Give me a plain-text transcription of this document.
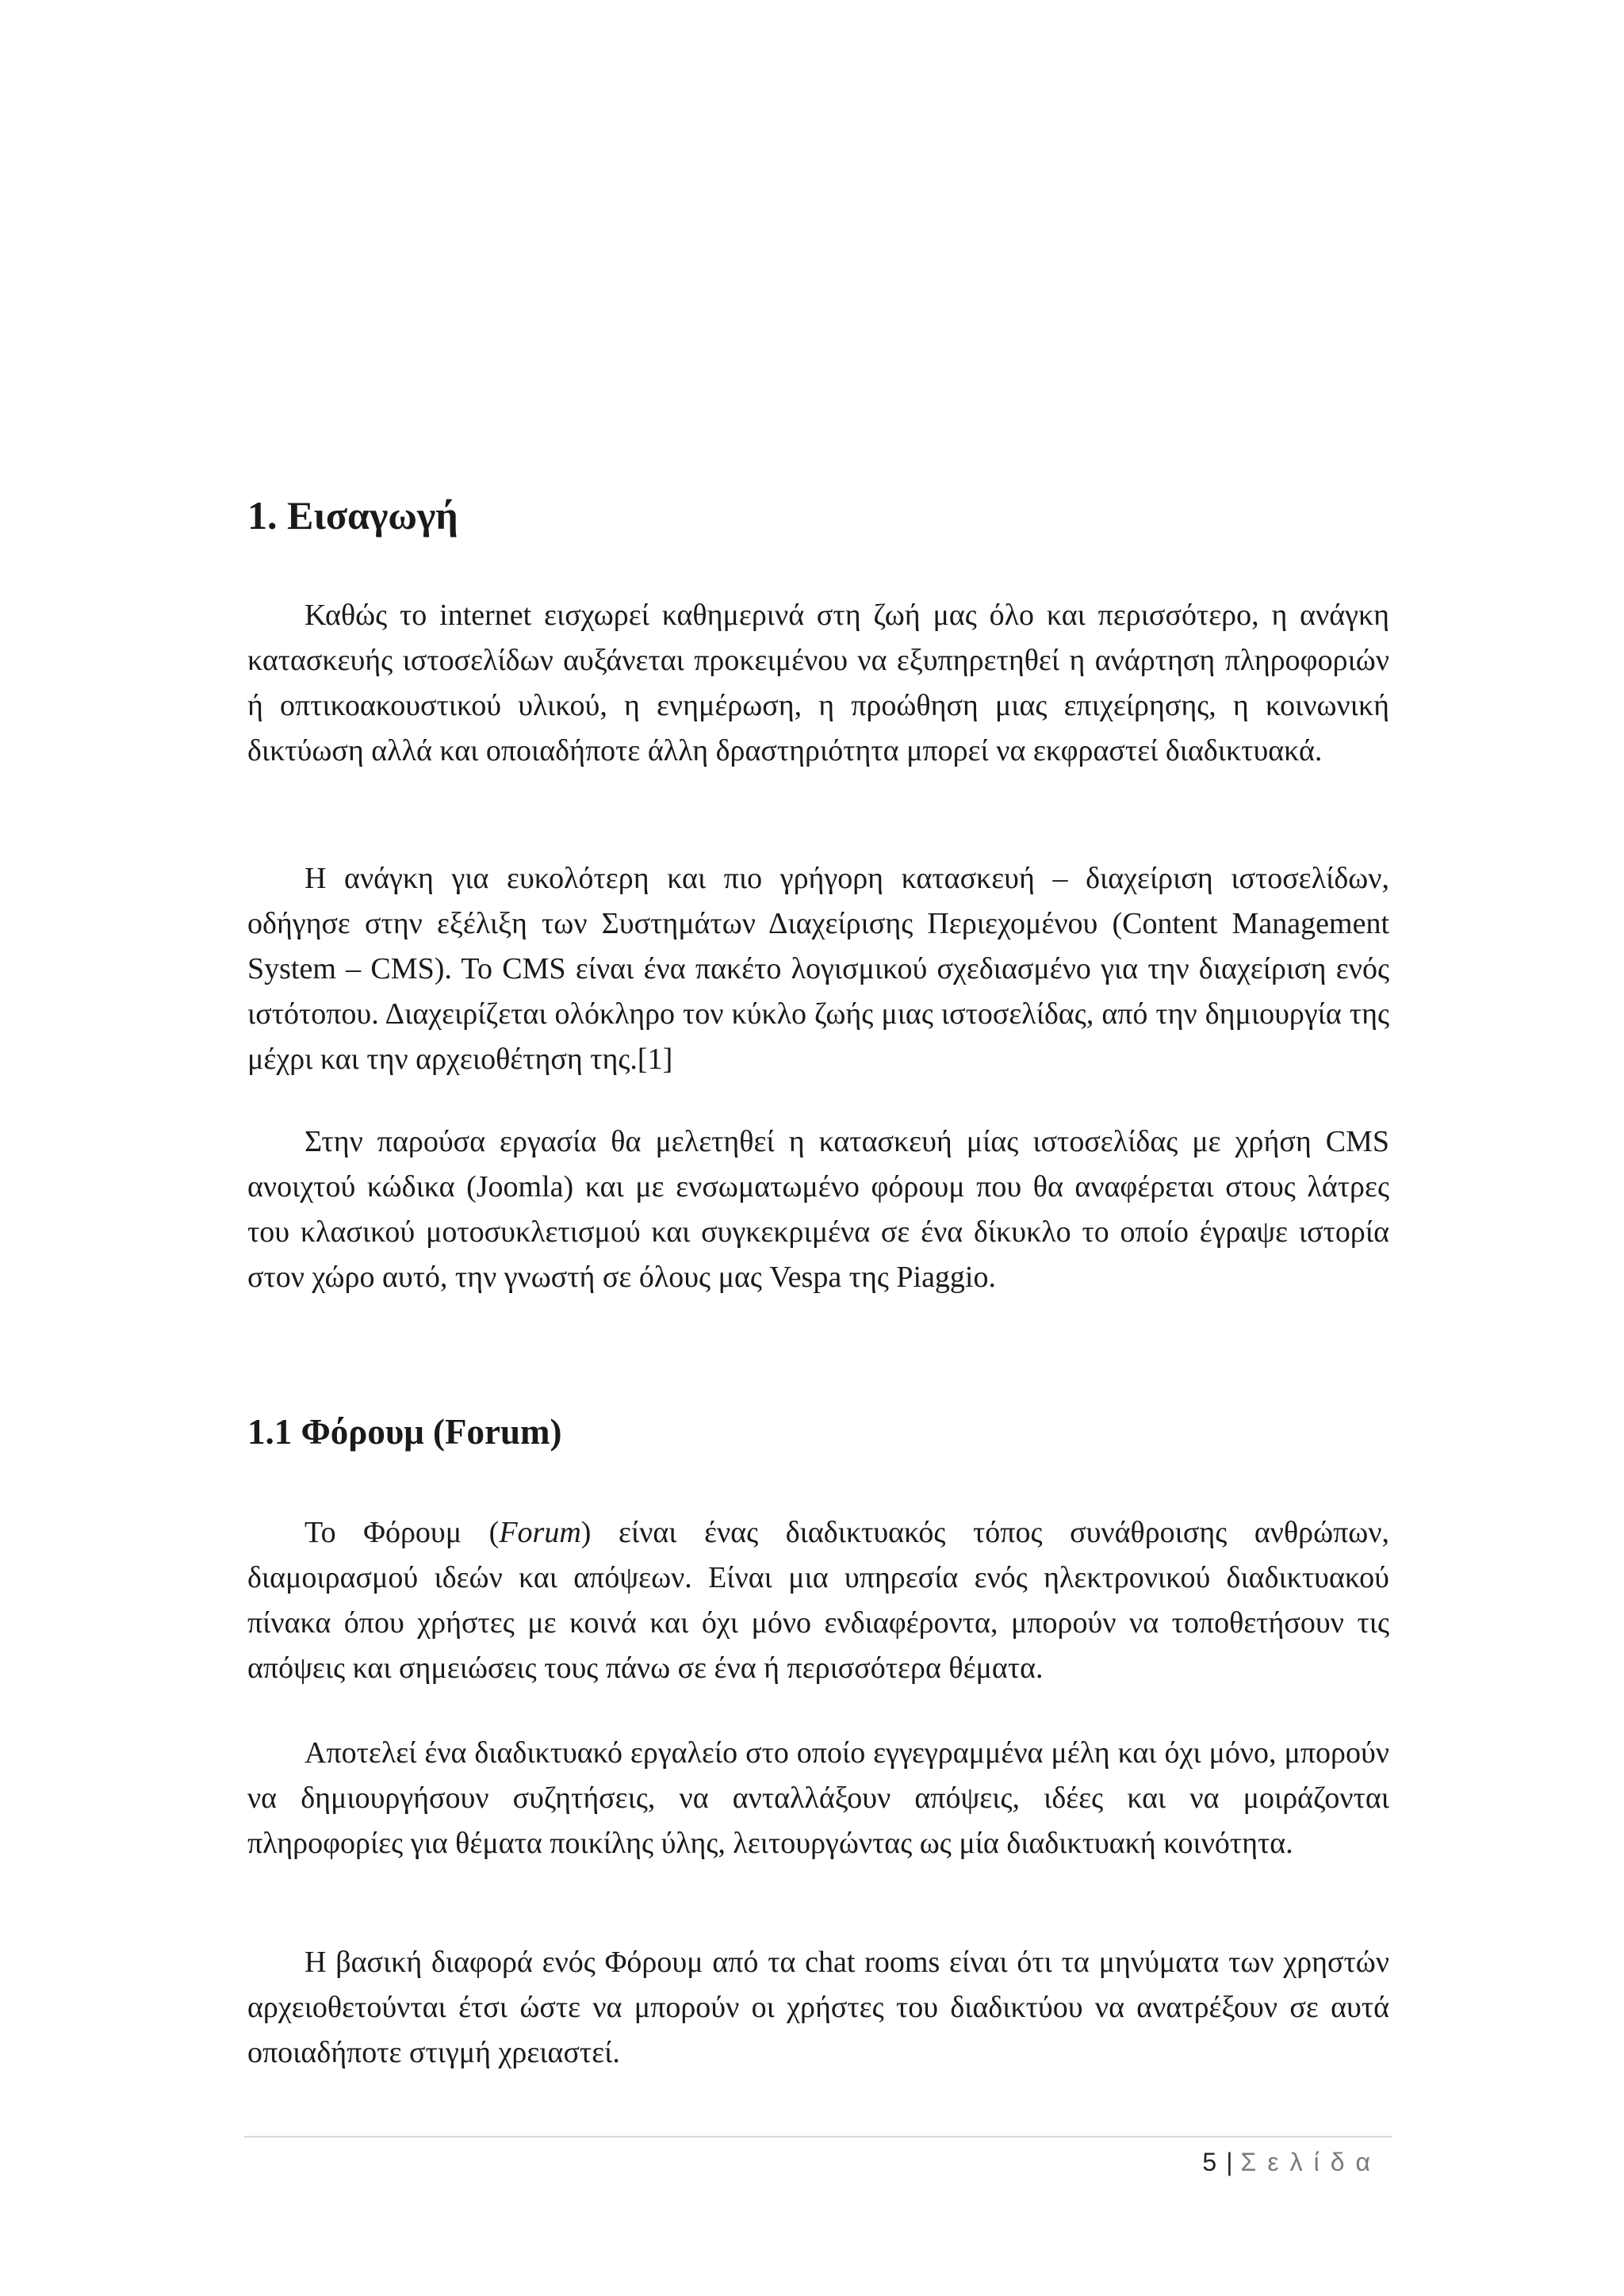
1. Εισαγωγή

Καθώς το internet εισχωρεί καθημερινά στη ζωή μας όλο και περισσότερο, η ανάγκη κατασκευής ιστοσελίδων αυξάνεται προκειμένου να εξυπηρετηθεί η ανάρτηση πληροφοριών ή οπτικοακουστικού υλικού, η ενημέρωση, η προώθηση μιας επιχείρησης, η κοινωνική δικτύωση αλλά και οποιαδήποτε άλλη δραστηριότητα μπορεί να εκφραστεί διαδικτυακά.

Η ανάγκη για ευκολότερη και πιο γρήγορη κατασκευή – διαχείριση ιστοσελίδων, οδήγησε στην εξέλιξη των Συστημάτων Διαχείρισης Περιεχομένου (Content Management System – CMS). Το CMS είναι ένα πακέτο λογισμικού σχεδιασμένο για την διαχείριση ενός ιστότοπου. Διαχειρίζεται ολόκληρο τον κύκλο ζωής μιας ιστοσελίδας, από την δημιουργία της μέχρι και την αρχειοθέτηση της.[1]

Στην παρούσα εργασία θα μελετηθεί η κατασκευή μίας ιστοσελίδας με χρήση CMS ανοιχτού κώδικα (Joomla) και με ενσωματωμένο φόρουμ που θα αναφέρεται στους λάτρες του κλασικού μοτοσυκλετισμού και συγκεκριμένα σε ένα δίκυκλο το οποίο έγραψε ιστορία στον χώρο αυτό, την γνωστή σε όλους μας Vespa της Piaggio.

1.1 Φόρουμ (Forum)

Το Φόρουμ (Forum) είναι ένας διαδικτυακός τόπος συνάθροισης ανθρώπων, διαμοιρασμού ιδεών και απόψεων. Είναι μια υπηρεσία ενός ηλεκτρονικού διαδικτυακού πίνακα όπου χρήστες με κοινά και όχι μόνο ενδιαφέροντα, μπορούν να τοποθετήσουν τις απόψεις και σημειώσεις τους πάνω σε ένα ή περισσότερα θέματα.

Αποτελεί ένα διαδικτυακό εργαλείο στο οποίο εγγεγραμμένα μέλη και όχι μόνο, μπορούν να δημιουργήσουν συζητήσεις, να ανταλλάξουν απόψεις, ιδέες και να μοιράζονται πληροφορίες για θέματα ποικίλης ύλης, λειτουργώντας ως μία διαδικτυακή κοινότητα.

Η βασική διαφορά ενός Φόρουμ από τα chat rooms είναι ότι τα μηνύματα των χρηστών αρχειοθετούνται έτσι ώστε να μπορούν οι χρήστες του διαδικτύου να ανατρέξουν σε αυτά οποιαδήποτε στιγμή χρειαστεί.

5 | Σελίδα
